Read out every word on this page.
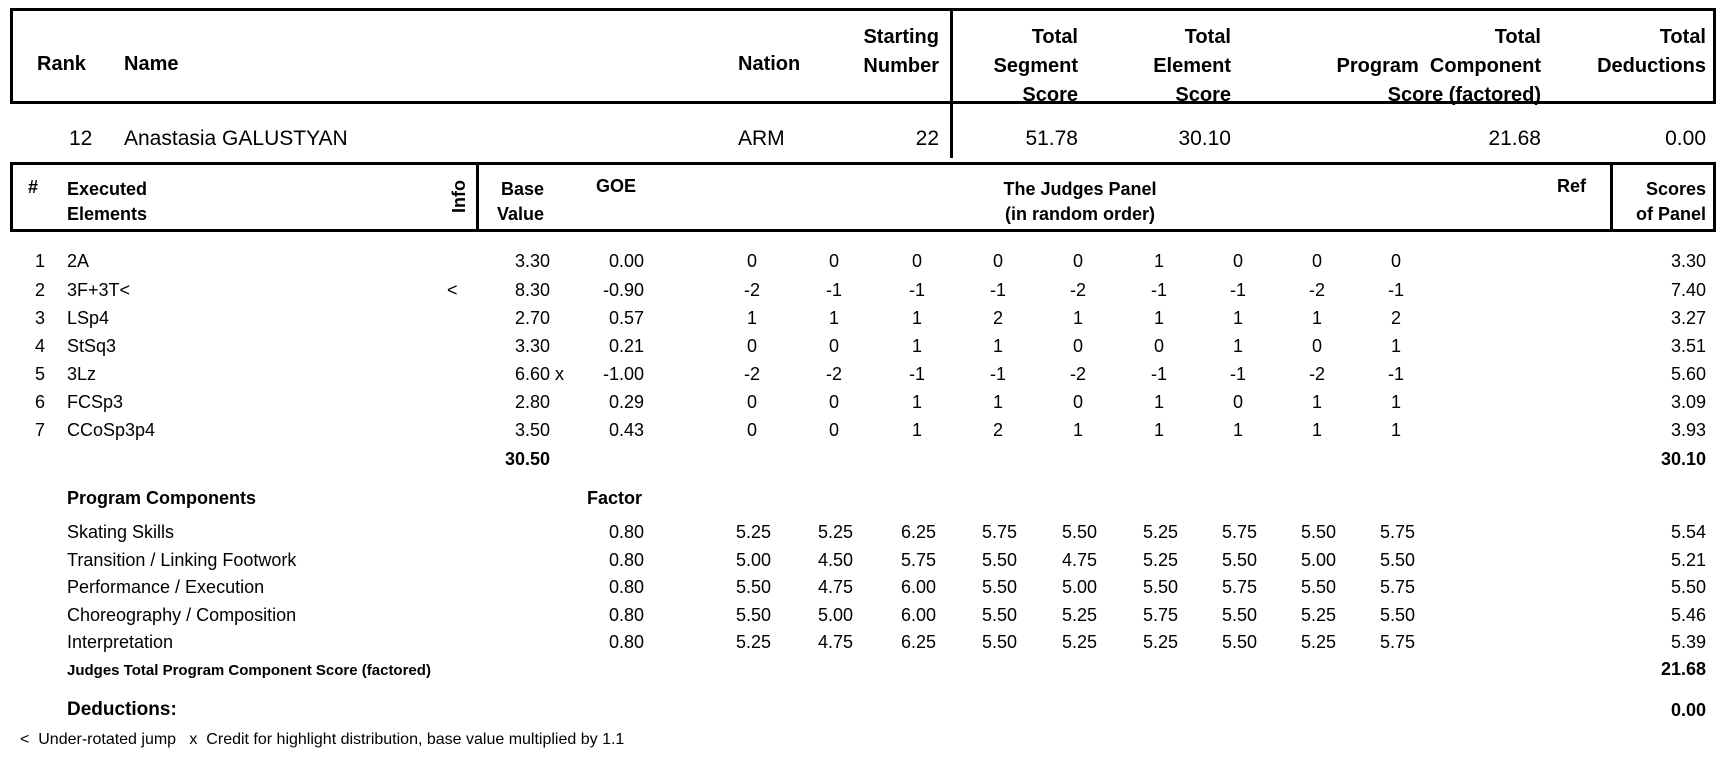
Rank Name	Nation
Starting
Number
Total
Segment
Score
Total
Element
Score
Total
Program  Component
Score (factored)
Total
Deductions
12 Anastasia GALUSTYAN	ARM	22	51.78	30.10	21.68	0.00
# Executed
Elements
Info Base
Value
GOE	The Judges Panel
(in random order)
Ref	Scores
of Panel
1 2A	3.30	0.00	0	0	0	0	0	1	0	0	0	3.30
2 3F+3T<	<	8.30	-0.90	-2	-1	-1	-1	-2	-1	-1	-2	-1	7.40
3 LSp4	2.70	0.57	1	1	1	2	1	1	1	1	2	3.27
4 StSq3	3.30	0.21	0	0	1	1	0	0	1	0	1	3.51
5 3Lz	6.60 x -1.00	-2	-2	-1	-1	-2	-1	-1	-2	-1	5.60
6 FCSp3	2.80	0.29	0	0	1	1	0	1	0	1	1	3.09
7 CCoSp3p4	3.50	0.43	0	0	1	2	1	1	1	1	1	3.93
30.50	30.10
Program Components	Factor
Skating Skills	0.80	5.25	5.25	6.25	5.75 5.50	5.25 5.75 5.50 5.75	5.54
Transition / Linking Footwork	0.80	5.00	4.50	5.75	5.50 4.75	5.25 5.50 5.00 5.50	5.21
Performance / Execution	0.80	5.50	4.75	6.00	5.50 5.00	5.50 5.75 5.50 5.75	5.50
Choreography / Composition	0.80	5.50	5.00	6.00	5.50 5.25	5.75 5.50 5.25 5.50	5.46
Interpretation	0.80	5.25	4.75	6.25	5.50 5.25	5.25 5.50 5.25 5.75	5.39
Judges Total Program Component Score (factored)	21.68
Deductions:	0.00
<  Under-rotated jump   x  Credit for highlight distribution, base value multiplied by 1.1
